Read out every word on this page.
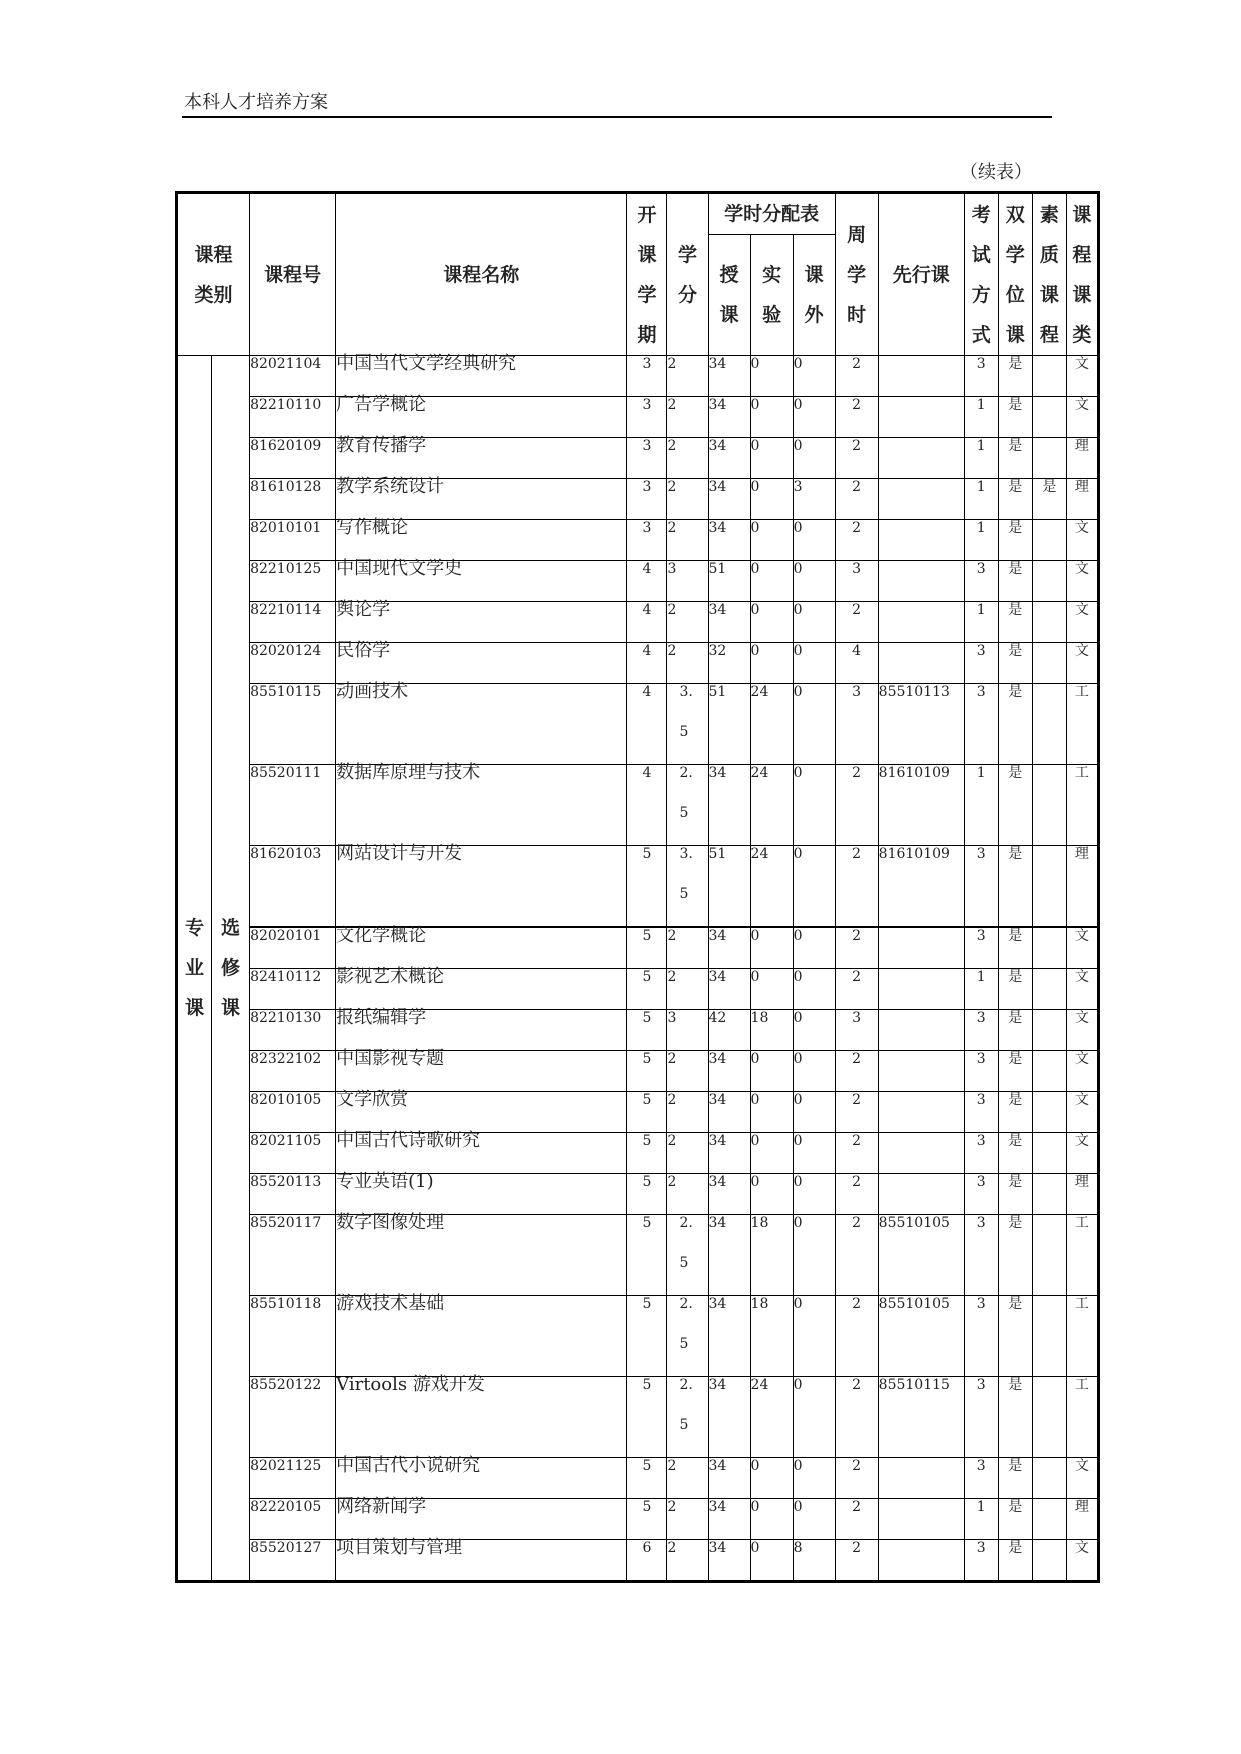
本科人才培养方案
（续表）
课程类别		课程号	课程名称	开课学期	学分	学时分配表			周学时	先行课	考试方式	双学位课	素质课程	课程课类

						授课	实验	课外						

专业课	选修课	82021104	中国当代文学经典研究	3	2	34	0	0	2		3	是		文
		82210110	广告学概论	3	2	34	0	0	2		1	是		文
		81620109	教育传播学	3	2	34	0	0	2		1	是		理
		81610128	教学系统设计	3	2	34	0	3	2		1	是	是	理
		82010101	写作概论	3	2	34	0	0	2		1	是		文
		82210125	中国现代文学史	4	3	51	0	0	3		3	是		文
		82210114	舆论学	4	2	34	0	0	2		1	是		文
		82020124	民俗学	4	2	32	0	0	4		3	是		文
		85510115	动画技术	4	3.
5	51	24	0	3	85510113	3	是		工
		85520111	数据库原理与技术	4	2.
5	34	24	0	2	81610109	1	是		工
		81620103	网站设计与开发	5	3.
5	51	24	0	2	81610109	3	是		理
		82020101	文化学概论	5	2	34	0	0	2		3	是		文
		82410112	影视艺术概论	5	2	34	0	0	2		1	是		文
		82210130	报纸编辑学	5	3	42	18	0	3		3	是		文
		82322102	中国影视专题	5	2	34	0	0	2		3	是		文
		82010105	文学欣赏	5	2	34	0	0	2		3	是		文
		82021105	中国古代诗歌研究	5	2	34	0	0	2		3	是		文
		85520113	专业英语(1)	5	2	34	0	0	2		3	是		理
		85520117	数字图像处理	5	2.
5	34	18	0	2	85510105	3	是		工
		85510118	游戏技术基础	5	2.
5	34	18	0	2	85510105	3	是		工
		85520122	Virtools 游戏开发	5	2.
5	34	24	0	2	85510115	3	是		工
		82021125	中国古代小说研究	5	2	34	0	0	2		3	是		文
		82220105	网络新闻学	5	2	34	0	0	2		1	是		理
		85520127	项目策划与管理	6	2	34	0	8	2		3	是		文
